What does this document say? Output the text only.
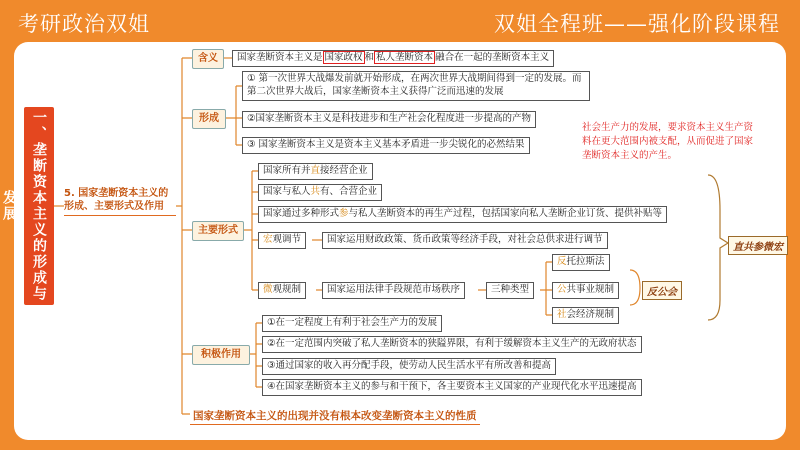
考研政治双姐	双姐全程班——强化阶段课程
一、垄断资本主义的形成与发展	5. 国家垄断资本主义的形成、主要形式及作用
含义	国家垄断资本主义是 国家政权 和 私人垄断资本 融合在一起的垄断资本主义
形成
① 第一次世界大战爆发前就开始形成，在两次世界大战期间得到一定的发展。而第二次世界大战后，国家垄断资本主义获得广泛而迅速的发展
②国家垄断资本主义是科技进步和生产社会化程度进一步提高的产物
③ 国家垄断资本主义是资本主义基本矛盾进一步尖锐化的必然结果
社会生产力的发展，要求资本主义生产资料在更大范围内被支配，从而促进了国家垄断资本主义的产生。
主要形式
国家所有并直接经营企业
国家与私人共有、合营企业
国家通过多种形式参与私人垄断资本的再生产过程，包括国家向私人垄断企业订货、提供补贴等
宏观调节	国家运用财政政策、货币政策等经济手段，对社会总供求进行调节
微观规制	国家运用法律手段规范市场秩序	三种类型
反托拉斯法
公共事业规制
社会经济规制
反公会
直共参微宏
积极作用
①在一定程度上有利于社会生产力的发展
②在一定范围内突破了私人垄断资本的狭隘界限，有利于缓解资本主义生产的无政府状态
③通过国家的收入再分配手段，使劳动人民生活水平有所改善和提高
④在国家垄断资本主义的参与和干预下，各主要资本主义国家的产业现代化水平迅速提高
国家垄断资本主义的出现并没有根本改变垄断资本主义的性质
